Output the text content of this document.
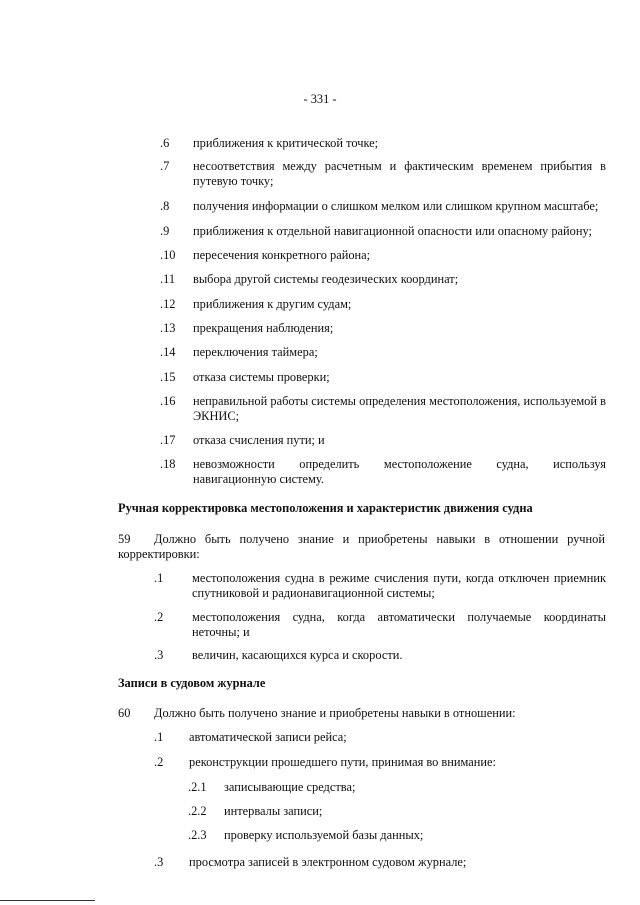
- 331 -
.6 приближения к критической точке;
.7 несоответствия между расчетным и фактическим временем прибытия в путевую точку;
.8 получения информации о слишком мелком или слишком крупном масштабе;
.9 приближения к отдельной навигационной опасности или опасному району;
.10 пересечения конкретного района;
.11 выбора другой системы геодезических координат;
.12 приближения к другим судам;
.13 прекращения наблюдения;
.14 переключения таймера;
.15 отказа системы проверки;
.16 неправильной работы системы определения местоположения, используемой в ЭКНИС;
.17 отказа счисления пути; и
.18 невозможности определить местоположение судна, используя навигационную систему.
Ручная корректировка местоположения и характеристик движения судна
59 Должно быть получено знание и приобретены навыки в отношении ручной корректировки:
.1 местоположения судна в режиме счисления пути, когда отключен приемник спутниковой и радионавигационной системы;
.2 местоположения судна, когда автоматически получаемые координаты неточны; и
.3 величин, касающихся курса и скорости.
Записи в судовом журнале
60 Должно быть получено знание и приобретены навыки в отношении:
.1 автоматической записи рейса;
.2 реконструкции прошедшего пути, принимая во внимание:
.2.1 записывающие средства;
.2.2 интервалы записи;
.2.3 проверку используемой базы данных;
.3 просмотра записей в электронном судовом журнале;
